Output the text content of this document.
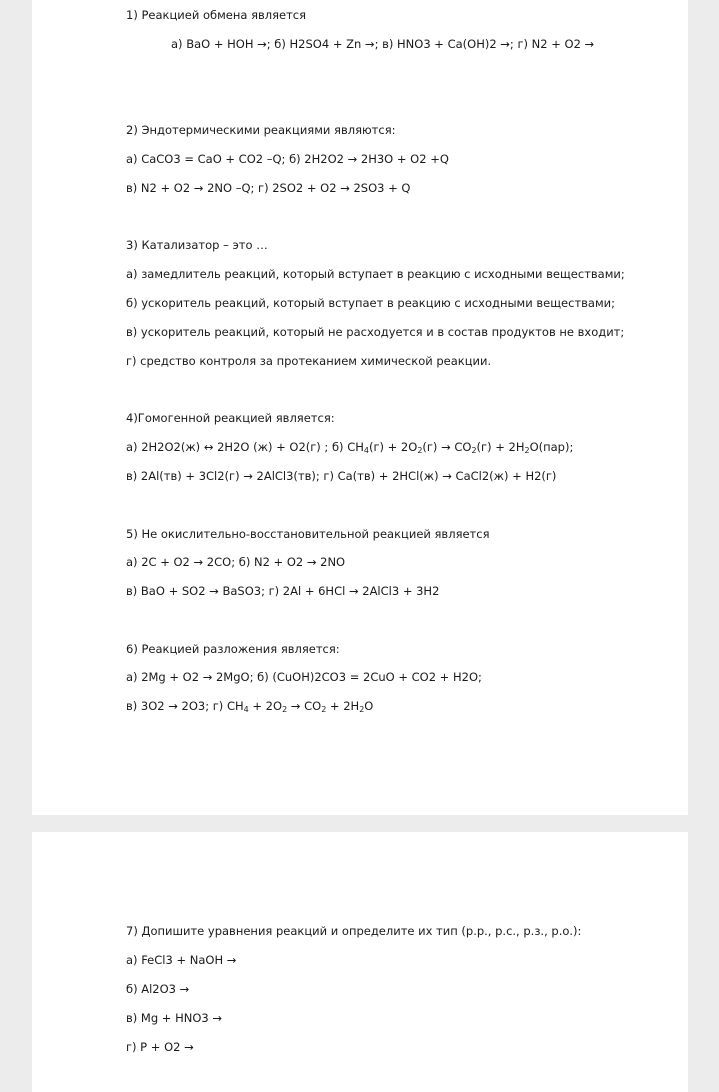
1) Реакцией обмена является
а) BaO + HOH →; б) H2SO4 + Zn →; в) HNO3 + Ca(OH)2 →; г) N2 + O2 →
2) Эндотермическими реакциями являются:
а) CaCO3 = CaO + CO2 –Q; б) 2H2O2 → 2H3O + O2 +Q
в) N2 + O2 → 2NO –Q; г) 2SO2 + O2 → 2SO3 + Q
3) Катализатор – это …
а) замедлитель реакций, который вступает в реакцию с исходными веществами;
б) ускоритель реакций, который вступает в реакцию с исходными веществами;
в) ускоритель реакций, который не расходуется и в состав продуктов не входит;
г) средство контроля за протеканием химической реакции.
4)Гомогенной реакцией является:
а) 2H2O2(ж) ↔ 2H2O (ж) + O2(г) ; б) $CH_4(г) + 2O_2(г) \to CO_2(г) + 2H_2O(пар)$;
в) 2Al(тв) + 3Cl2(г) → 2AlCl3(тв); г) Ca(тв) + 2HCl(ж) → CaCl2(ж) + H2(г)
5) Не окислительно-восстановительной реакцией является
а) 2C + O2 → 2CO; б) N2 + O2 → 2NO
в) BaO + SO2 → BaSO3; г) 2Al + 6HCl → 2AlCl3 + 3H2
6) Реакцией разложения является:
а) 2Mg + O2 → 2MgO; б) (CuOH)2CO3 = 2CuO + CO2 + H2O;
в) 3O2 → 2O3; г) $CH_4 + 2O_2 \to CO_2 + 2H_2O$
7) Допишите уравнения реакций и определите их тип (р.р., р.с., р.з., р.о.):
а) FeCl3 + NaOH →
б) Al2O3 →
в) Mg + HNO3 →
г) P + O2 →
